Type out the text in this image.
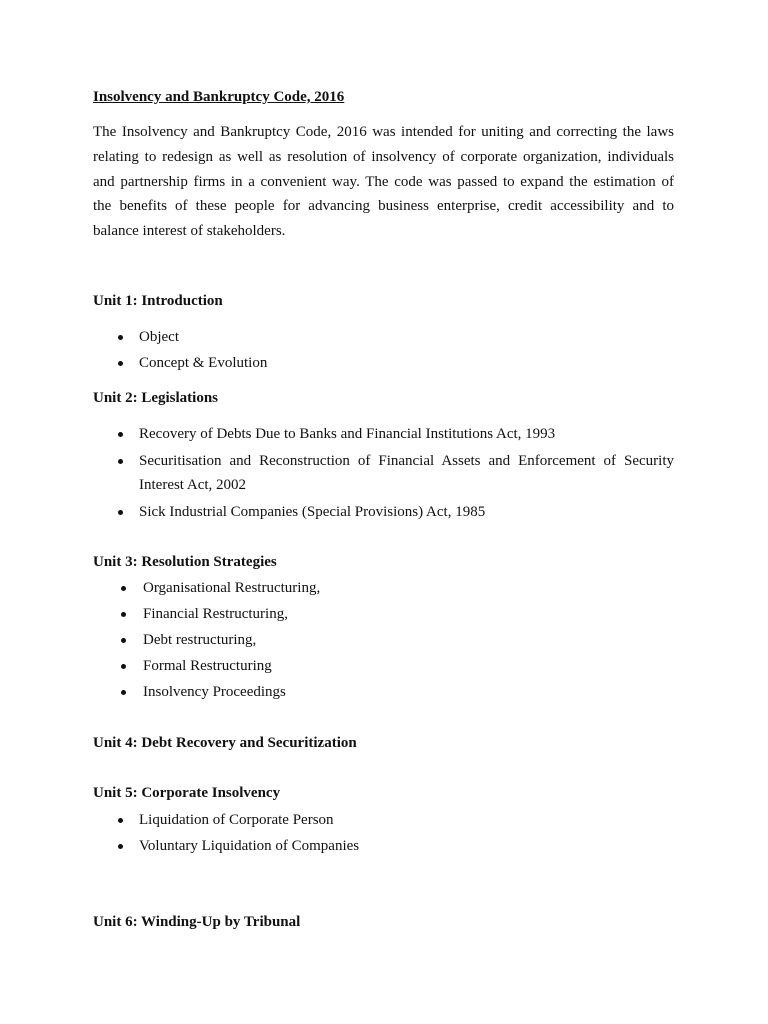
Insolvency and Bankruptcy Code, 2016
The Insolvency and Bankruptcy Code, 2016 was intended for uniting and correcting the laws
relating to redesign as well as resolution of insolvency of corporate organization, individuals
and partnership firms in a convenient way. The code was passed to expand the estimation of
the benefits of these people for advancing business enterprise, credit accessibility and to
balance interest of stakeholders.
Unit 1: Introduction
Object
Concept & Evolution
Unit 2: Legislations
Recovery of Debts Due to Banks and Financial Institutions Act, 1993
Securitisation and Reconstruction of Financial Assets and Enforcement of Security
Interest Act, 2002
Sick Industrial Companies (Special Provisions) Act, 1985
Unit 3: Resolution Strategies
Organisational Restructuring,
Financial Restructuring,
Debt restructuring,
Formal Restructuring
Insolvency Proceedings
Unit 4: Debt Recovery and Securitization
Unit 5: Corporate Insolvency
Liquidation of Corporate Person
Voluntary Liquidation of Companies
Unit 6: Winding-Up by Tribunal
